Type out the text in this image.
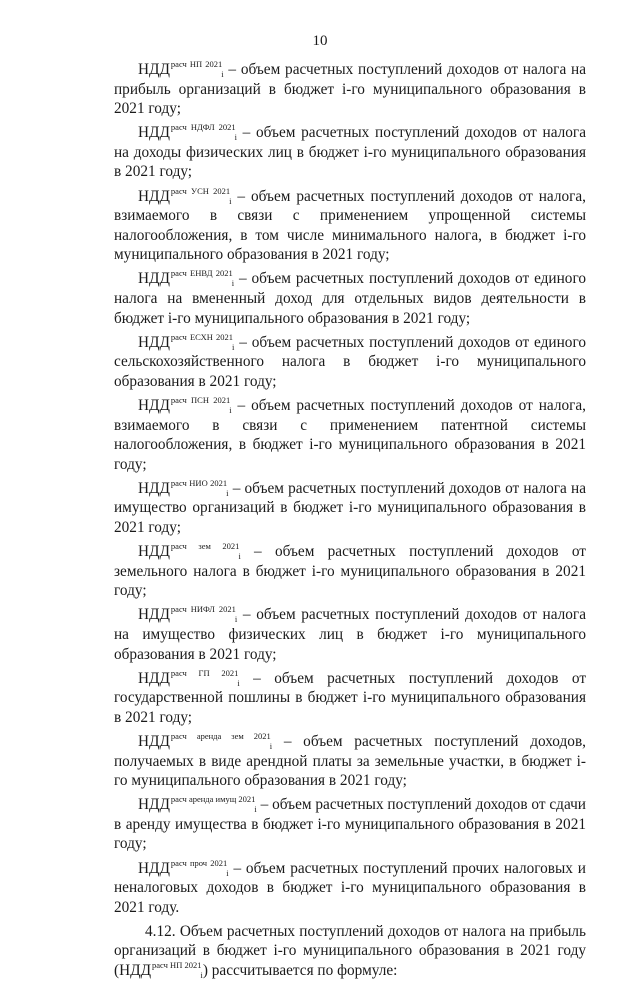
10

$НДД^{расч НП 2021}_i$ – объем расчетных поступлений доходов от налога на прибыль организаций в бюджет i-го муниципального образования в 2021 году;

$НДД^{расч НДФЛ 2021}_i$ – объем расчетных поступлений доходов от налога на доходы физических лиц в бюджет i-го муниципального образования в 2021 году;

$НДД^{расч УСН 2021}_i$ – объем расчетных поступлений доходов от налога, взимаемого в связи с применением упрощенной системы налогообложения, в том числе минимального налога, в бюджет i-го муниципального образования в 2021 году;

$НДД^{расч ЕНВД 2021}_i$ – объем расчетных поступлений доходов от единого налога на вмененный доход для отдельных видов деятельности в бюджет i-го муниципального образования в 2021 году;

$НДД^{расч ЕСХН 2021}_i$ – объем расчетных поступлений доходов от единого сельскохозяйственного налога в бюджет i-го муниципального образования в 2021 году;

$НДД^{расч ПСН 2021}_i$ – объем расчетных поступлений доходов от налога, взимаемого в связи с применением патентной системы налогообложения, в бюджет i-го муниципального образования в 2021 году;

$НДД^{расч НИО 2021}_i$ – объем расчетных поступлений доходов от налога на имущество организаций в бюджет i-го муниципального образования в 2021 году;

$НДД^{расч зем 2021}_i$ – объем расчетных поступлений доходов от земельного налога в бюджет i-го муниципального образования в 2021 году;

$НДД^{расч НИФЛ 2021}_i$ – объем расчетных поступлений доходов от налога на имущество физических лиц в бюджет i-го муниципального образования в 2021 году;

$НДД^{расч ГП 2021}_i$ – объем расчетных поступлений доходов от государственной пошлины в бюджет i-го муниципального образования в 2021 году;

$НДД^{расч аренда зем 2021}_i$ – объем расчетных поступлений доходов, получаемых в виде арендной платы за земельные участки, в бюджет i-го муниципального образования в 2021 году;

$НДД^{расч аренда имущ 2021}_i$ – объем расчетных поступлений доходов от сдачи в аренду имущества в бюджет i-го муниципального образования в 2021 году;

$НДД^{расч проч 2021}_i$ – объем расчетных поступлений прочих налоговых и неналоговых доходов в бюджет i-го муниципального образования в 2021 году.

4.12. Объем расчетных поступлений доходов от налога на прибыль организаций в бюджет i-го муниципального образования в 2021 году $(НДД^{расч НП 2021}_i)$ рассчитывается по формуле:
